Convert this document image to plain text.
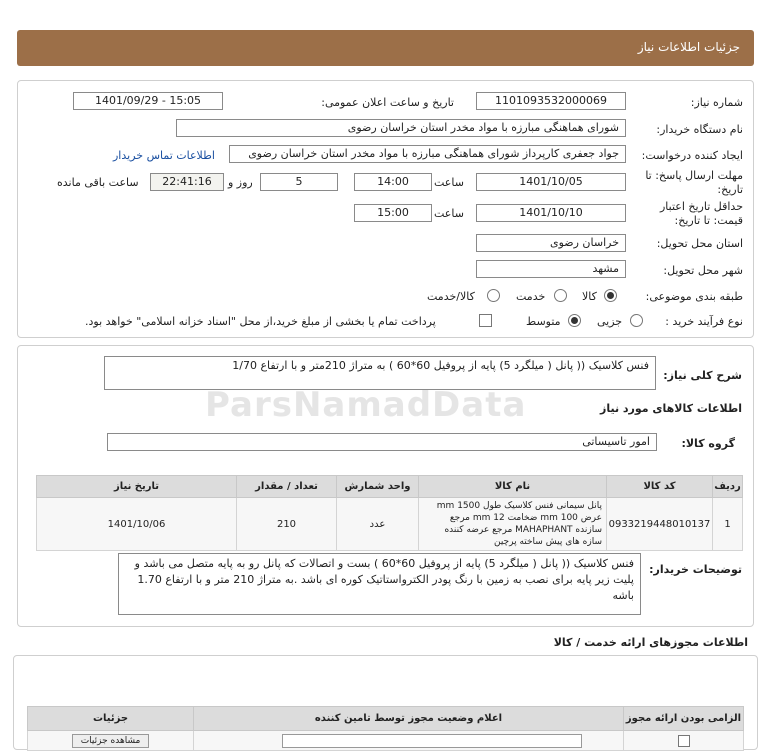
جزئیات اطلاعات نیاز
شماره نیاز:
1101093532000069
تاریخ و ساعت اعلان عمومی:
1401/09/29 - 15:05
نام دستگاه خریدار:
شورای هماهنگی مبارزه با مواد مخدر استان خراسان رضوی
ایجاد کننده درخواست:
جواد جعفری کارپرداز شورای هماهنگی مبارزه با مواد مخدر استان خراسان رضوی
اطلاعات تماس خریدار
مهلت ارسال پاسخ: تا
تاریخ:
1401/10/05
ساعت
14:00
5
روز و
22:41:16
ساعت باقی مانده
حداقل تاریخ اعتبار
قیمت: تا تاریخ:
1401/10/10
ساعت
15:00
استان محل تحویل:
خراسان رضوی
شهر محل تحویل:
مشهد
طبقه بندی موضوعی:
کالا
خدمت
کالا/خدمت
نوع فرآیند خرید :
جزیی
متوسط
پرداخت تمام یا بخشی از مبلغ خرید،از محل "اسناد خزانه اسلامی" خواهد بود.
شرح کلی نیاز:
فنس کلاسیک (( پانل ( میلگرد 5) پایه از پروفیل 60*60 ) به متراژ 210متر و با ارتفاع 1/70
ParsNamadData	اطلاعات کالاهای مورد نیاز
گروه کالا:
امور تاسیساتی
ردیف	کد کالا	نام کالا	واحد شمارش	تعداد / مقدار	تاریخ نیاز
1	0933219448010137	پانل سیمانی فنس کلاسیک طول 1500 mm عرض 100 mm ضخامت 12 mm مرجع سازنده MAHAPHANT مرجع عرضه کننده سازه های پیش ساخته پرچین	عدد	210	1401/10/06
توضیحات خریدار:
فنس کلاسیک (( پانل ( میلگرد 5) پایه از پروفیل 60*60 ) بست و اتصالات که پانل رو به پایه متصل می باشد و پلیت زیر پایه برای نصب به زمین با رنگ پودر الکترواستاتیک کوره ای باشد .به متراژ 210 متر و با ارتفاع 1.70 باشه
اطلاعات مجوزهای ارائه خدمت / کالا
الزامی بودن ارائه مجوز	اعلام وضعیت مجوز توسط تامین کننده	جزئیات
		مشاهده جزئیات
